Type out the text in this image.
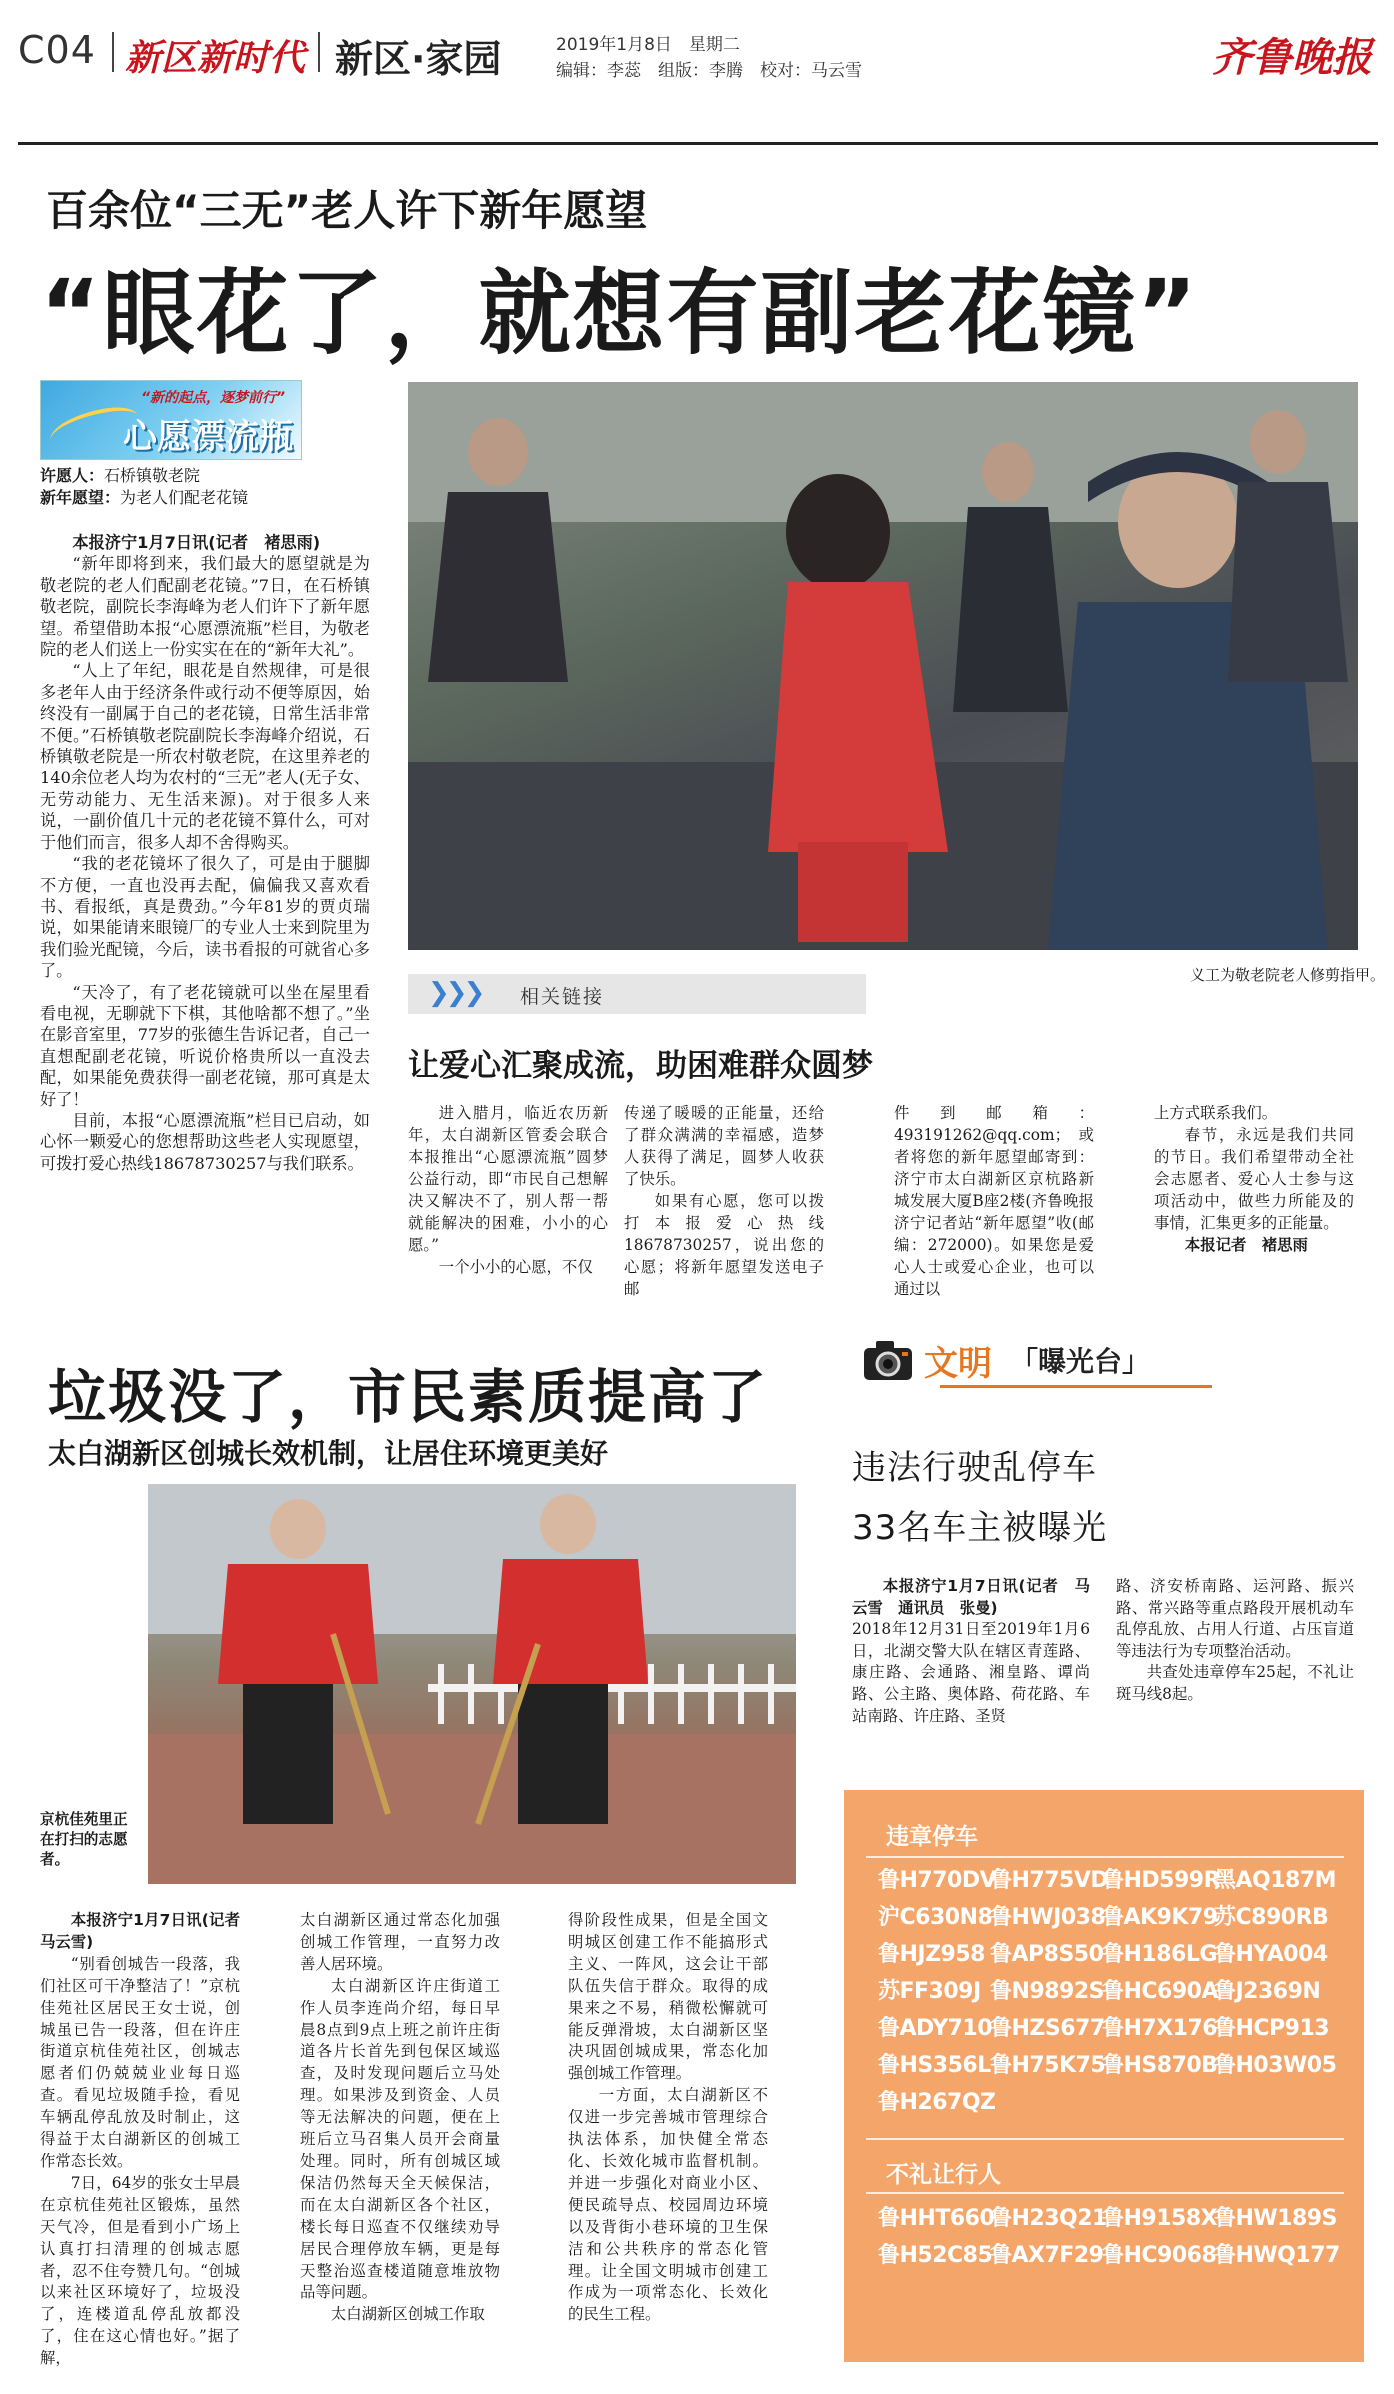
C04 新区新时代 新区·家园	2019年1月8日　星期二
编辑：李蕊　组版：李腾　校对：马云雪	齐鲁晚报
百余位“三无”老人许下新年愿望
“眼花了，就想有副老花镜”
“新的起点，逐梦前行”
心愿漂流瓶
许愿人：石桥镇敬老院
新年愿望：为老人们配老花镜
本报济宁1月7日讯(记者　褚思雨)

“新年即将到来，我们最大的愿望就是为敬老院的老人们配副老花镜。”7日，在石桥镇敬老院，副院长李海峰为老人们许下了新年愿望。希望借助本报“心愿漂流瓶”栏目，为敬老院的老人们送上一份实实在在的“新年大礼”。

“人上了年纪，眼花是自然规律，可是很多老年人由于经济条件或行动不便等原因，始终没有一副属于自己的老花镜，日常生活非常不便。”石桥镇敬老院副院长李海峰介绍说，石桥镇敬老院是一所农村敬老院，在这里养老的140余位老人均为农村的“三无”老人(无子女、无劳动能力、无生活来源)。对于很多人来说，一副价值几十元的老花镜不算什么，可对于他们而言，很多人却不舍得购买。

“我的老花镜坏了很久了，可是由于腿脚不方便，一直也没再去配，偏偏我又喜欢看书、看报纸，真是费劲。”今年81岁的贾贞瑞说，如果能请来眼镜厂的专业人士来到院里为我们验光配镜，今后，读书看报的可就省心多了。

“天冷了，有了老花镜就可以坐在屋里看看电视，无聊就下下棋，其他啥都不想了。”坐在影音室里，77岁的张德生告诉记者，自己一直想配副老花镜，听说价格贵所以一直没去配，如果能免费获得一副老花镜，那可真是太好了！

目前，本报“心愿漂流瓶”栏目已启动，如心怀一颗爱心的您想帮助这些老人实现愿望，可拨打爱心热线18678730257与我们联系。

义工为敬老院老人修剪指甲。
❯❯❯ 相关链接
让爱心汇聚成流，助困难群众圆梦

进入腊月，临近农历新年，太白湖新区管委会联合本报推出“心愿漂流瓶”圆梦公益行动，即“市民自己想解决又解决不了，别人帮一帮就能解决的困难，小小的心愿。”

一个小小的心愿，不仅

传递了暖暖的正能量，还给了群众满满的幸福感，造梦人获得了满足，圆梦人收获了快乐。

如果有心愿，您可以拨打本报爱心热线18678730257，说出您的心愿；将新年愿望发送电子邮

件到邮箱：493191262@qq.com；或者将您的新年愿望邮寄到：济宁市太白湖新区京杭路新城发展大厦B座2楼(齐鲁晚报济宁记者站“新年愿望”收(邮编：272000)。如果您是爱心人士或爱心企业，也可以通过以

上方式联系我们。

春节，永远是我们共同的节日。我们希望带动全社会志愿者、爱心人士参与这项活动中，做些力所能及的事情，汇集更多的正能量。

本报记者　褚思雨

垃圾没了，市民素质提高了
太白湖新区创城长效机制，让居住环境更美好
京杭佳苑里正在打扫的志愿者。
本报济宁1月7日讯(记者　马云雪)

“别看创城告一段落，我们社区可干净整洁了！”京杭佳苑社区居民王女士说，创城虽已告一段落，但在许庄街道京杭佳苑社区，创城志愿者们仍兢兢业业每日巡查。看见垃圾随手捡，看见车辆乱停乱放及时制止，这得益于太白湖新区的创城工作常态长效。

7日，64岁的张女士早晨在京杭佳苑社区锻炼，虽然天气冷，但是看到小广场上认真打扫清理的创城志愿者，忍不住夸赞几句。“创城以来社区环境好了，垃圾没了，连楼道乱停乱放都没了，住在这心情也好。”据了解，

太白湖新区通过常态化加强创城工作管理，一直努力改善人居环境。

太白湖新区许庄街道工作人员李连尚介绍，每日早晨8点到9点上班之前许庄街道各片长首先到包保区域巡查，及时发现问题后立马处理。如果涉及到资金、人员等无法解决的问题，便在上班后立马召集人员开会商量处理。同时，所有创城区域保洁仍然每天全天候保洁，而在太白湖新区各个社区，楼长每日巡查不仅继续劝导居民合理停放车辆，更是每天整治巡查楼道随意堆放物品等问题。

太白湖新区创城工作取

得阶段性成果，但是全国文明城区创建工作不能搞形式主义、一阵风，这会让干部队伍失信于群众。取得的成果来之不易，稍微松懈就可能反弹滑坡，太白湖新区坚决巩固创城成果，常态化加强创城工作管理。

一方面，太白湖新区不仅进一步完善城市管理综合执法体系，加快健全常态化、长效化城市监督机制。并进一步强化对商业小区、便民疏导点、校园周边环境以及背街小巷环境的卫生保洁和公共秩序的常态化管理。让全国文明城市创建工作成为一项常态化、长效化的民生工程。

文明 「曝光台」
违法行驶乱停车
33名车主被曝光
本报济宁1月7日讯(记者　马云雪　通讯员　张曼)

2018年12月31日至2019年1月6日，北湖交警大队在辖区青莲路、康庄路、会通路、湘皇路、谭尚路、公主路、奥体路、荷花路、车站南路、许庄路、圣贤

路、济安桥南路、运河路、振兴路、常兴路等重点路段开展机动车乱停乱放、占用人行道、占压盲道等违法行为专项整治活动。

共查处违章停车25起，不礼让斑马线8起。

违章停车
鲁H770DV
鲁H775VD
鲁HD599R
黑AQ187M
沪C630N8
鲁HWJ038
鲁AK9K79
苏C890RB
鲁HJZ958 鲁AP8S50
鲁H186LG
鲁HYA004
苏FF309J 鲁N9892S
鲁HC690A
鲁J2369N
鲁ADY710
鲁HZS677
鲁H7X176
鲁HCP913
鲁HS356L 鲁H75K75
鲁HS870B
鲁H03W05
鲁H267QZ
不礼让行人
鲁HHT660
鲁H23Q21
鲁H9158X
鲁HW189S
鲁H52C85
鲁AX7F29
鲁HC9068
鲁HWQ177
